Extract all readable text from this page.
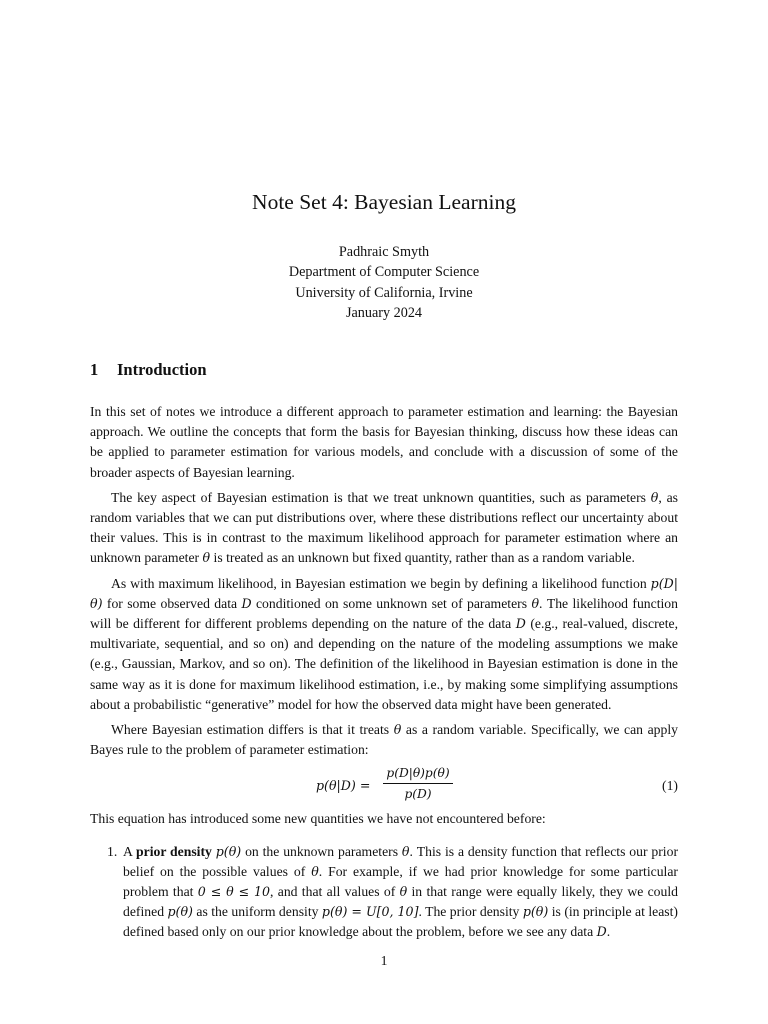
Note Set 4: Bayesian Learning
Padhraic Smyth
Department of Computer Science
University of California, Irvine
January 2024
1 Introduction

In this set of notes we introduce a different approach to parameter estimation and learning: the Bayesian approach. We outline the concepts that form the basis for Bayesian thinking, discuss how these ideas can be applied to parameter estimation for various models, and conclude with a discussion of some of the broader aspects of Bayesian learning.

The key aspect of Bayesian estimation is that we treat unknown quantities, such as parameters θ, as random variables that we can put distributions over, where these distributions reflect our uncertainty about their values. This is in contrast to the maximum likelihood approach for parameter estimation where an unknown parameter θ is treated as an unknown but fixed quantity, rather than as a random variable.

As with maximum likelihood, in Bayesian estimation we begin by defining a likelihood function p(D|θ) for some observed data D conditioned on some unknown set of parameters θ. The likelihood function will be different for different problems depending on the nature of the data D (e.g., real-valued, discrete, multivariate, sequential, and so on) and depending on the nature of the modeling assumptions we make (e.g., Gaussian, Markov, and so on). The definition of the likelihood in Bayesian estimation is done in the same way as it is done for maximum likelihood estimation, i.e., by making some simplifying assumptions about a probabilistic “generative” model for how the observed data might have been generated.

Where Bayesian estimation differs is that it treats θ as a random variable. Specifically, we can apply Bayes rule to the problem of parameter estimation:

$p(\theta|D) = \frac{p(D|\theta)p(\theta)}{p(D)}$	(1)

This equation has introduced some new quantities we have not encountered before:

1. A prior density p(θ) on the unknown parameters θ. This is a density function that reflects our prior belief on the possible values of θ. For example, if we had prior knowledge for some particular problem that 0 ≤ θ ≤ 10, and that all values of θ in that range were equally likely, they we could defined p(θ) as the uniform density p(θ) = U[0, 10]. The prior density p(θ) is (in principle at least) defined based only on our prior knowledge about the problem, before we see any data D.
1
